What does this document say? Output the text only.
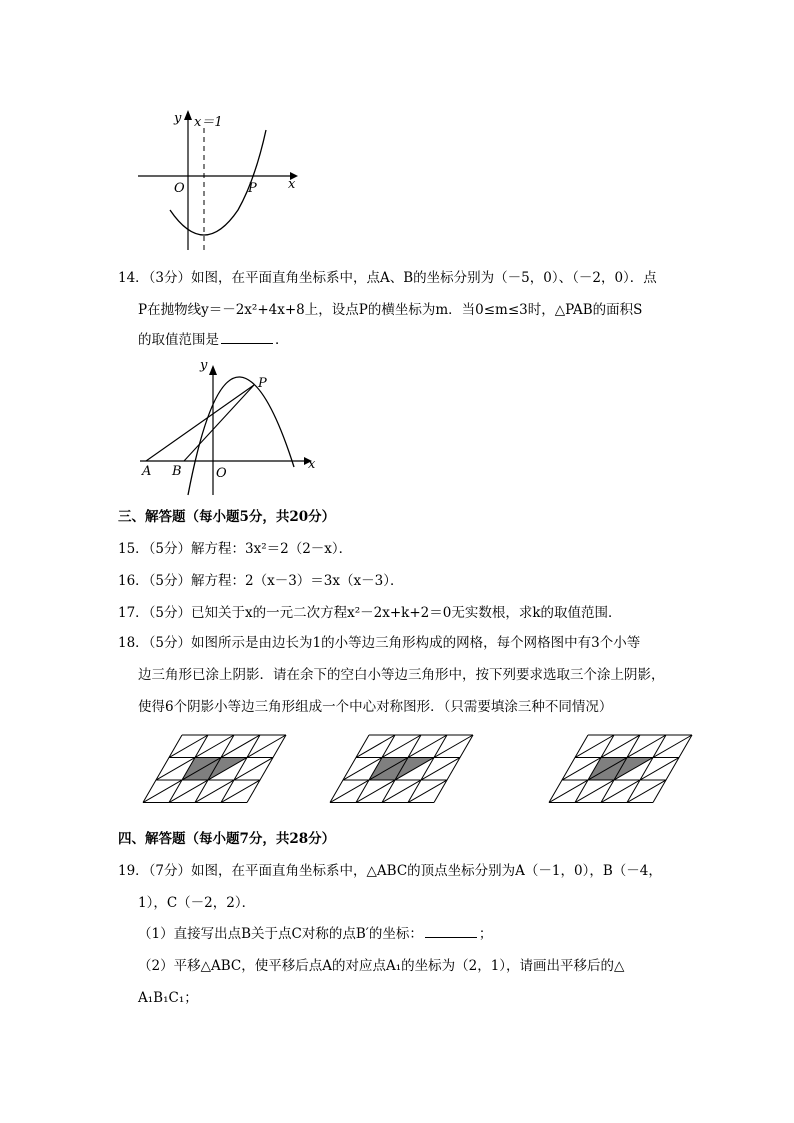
y x＝1
O	P x
14．（3分）如图，在平面直角坐标系中，点A、B的坐标分别为（－5，0）、（－2，0）．点
P在抛物线y＝－2x²+4x+8上，设点P的横坐标为m．当0≤m≤3时，△PAB的面积S
的取值范围是	．
y
P
A B	O
x
三、解答题（每小题5分，共20分）
15．（5分）解方程：3x²＝2（2－x）．
16．（5分）解方程：2（x－3）＝3x（x－3）．
17．（5分）已知关于x的一元二次方程x²－2x+k+2＝0无实数根，求k的取值范围．
18．（5分）如图所示是由边长为1的小等边三角形构成的网格，每个网格图中有3个小等
边三角形已涂上阴影．请在余下的空白小等边三角形中，按下列要求选取三个涂上阴影，
使得6个阴影小等边三角形组成一个中心对称图形．（只需要填涂三种不同情况）
四、解答题（每小题7分，共28分）
19．（7分）如图，在平面直角坐标系中，△ABC的顶点坐标分别为A（－1，0），B（－4，
1），C（－2，2）．
（1）直接写出点B关于点C对称的点B′的坐标：	；
（2）平移△ABC，使平移后点A的对应点A₁的坐标为（2，1），请画出平移后的△
A₁B₁C₁；
